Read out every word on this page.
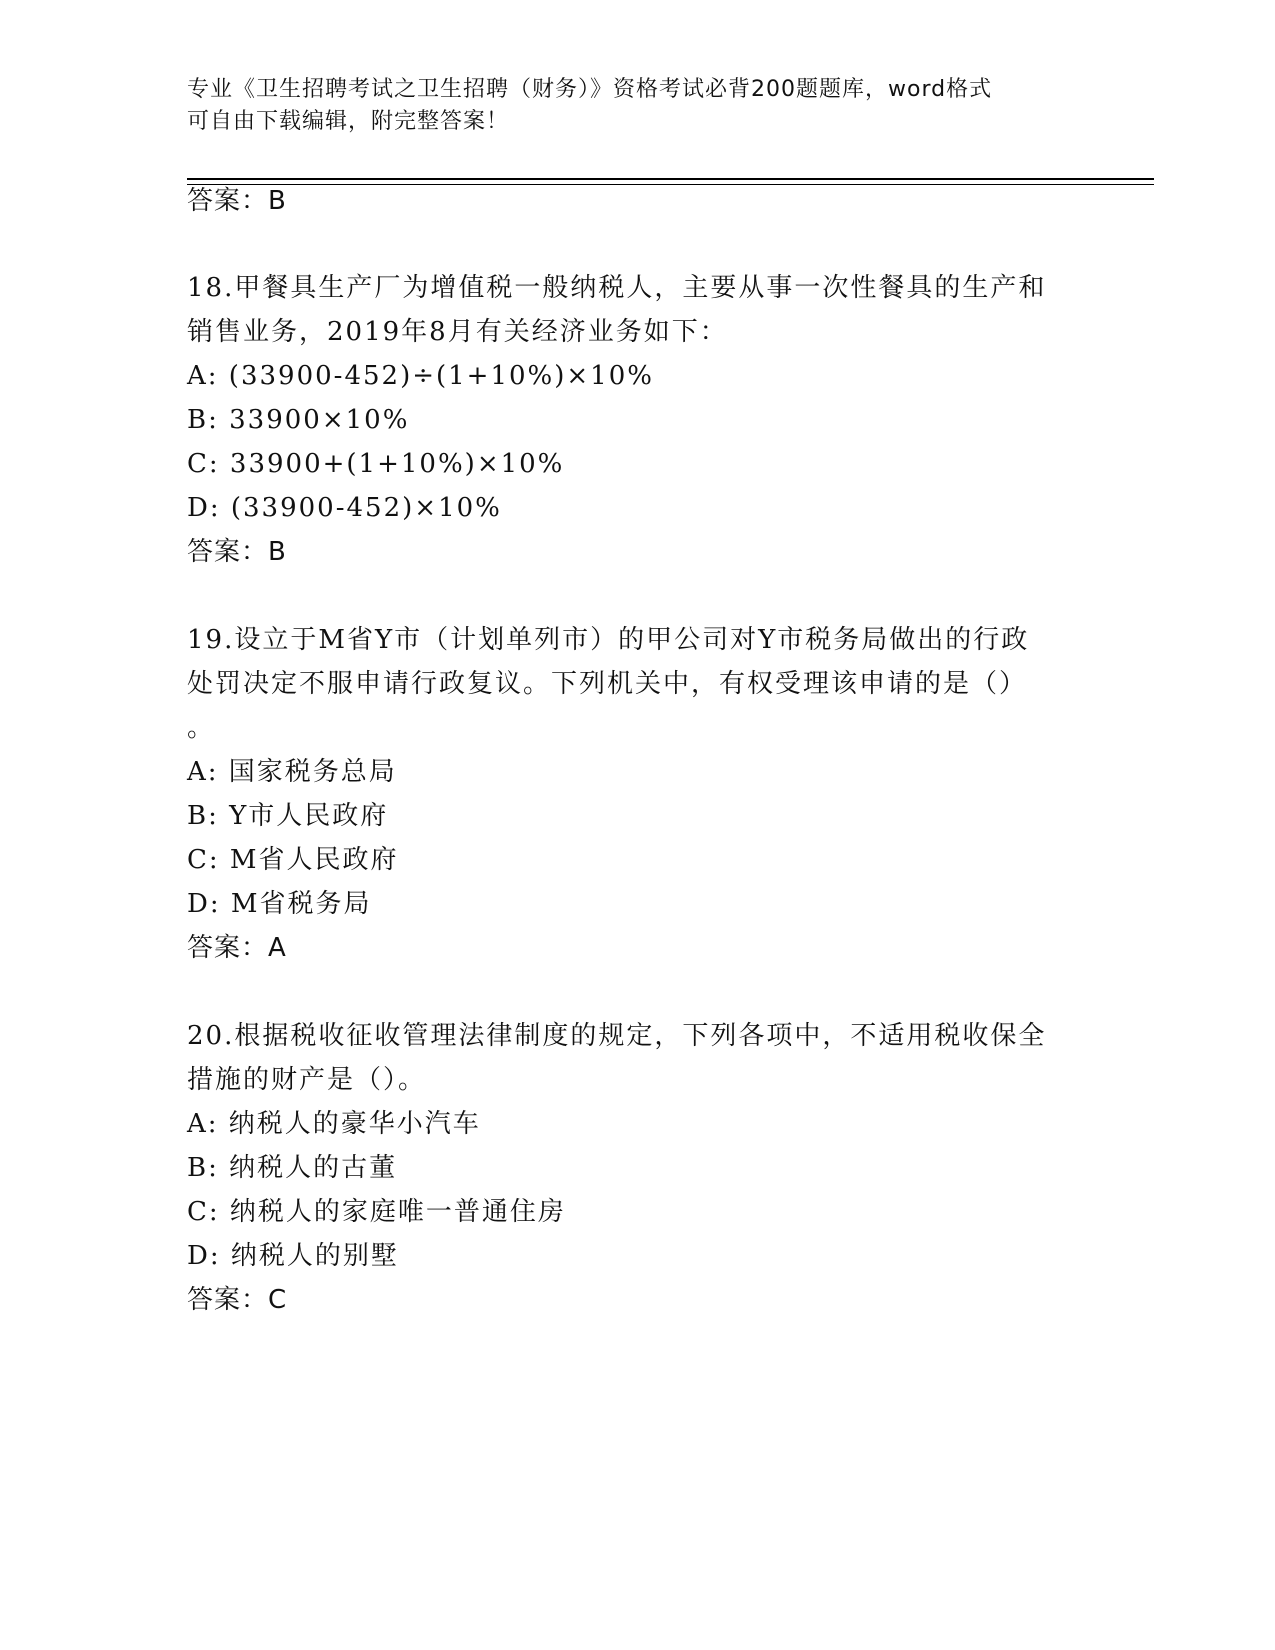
专业《卫生招聘考试之卫生招聘（财务）》资格考试必背200题题库，word格式
可自由下载编辑，附完整答案！
答案：B
18.甲餐具生产厂为增值税一般纳税人，主要从事一次性餐具的生产和
销售业务，2019年8月有关经济业务如下：
A: (33900-452)÷(1+10%)×10%
B: 33900×10%
C: 33900+(1+10%)×10%
D: (33900-452)×10%
答案：B
19.设立于M省Y市（计划单列市）的甲公司对Y市税务局做出的行政
处罚决定不服申请行政复议。下列机关中，有权受理该申请的是（）
。
A: 国家税务总局
B: Y市人民政府
C: M省人民政府
D: M省税务局
答案：A
20.根据税收征收管理法律制度的规定，下列各项中，不适用税收保全
措施的财产是（）。
A: 纳税人的豪华小汽车
B: 纳税人的古董
C: 纳税人的家庭唯一普通住房
D: 纳税人的别墅
答案：C
